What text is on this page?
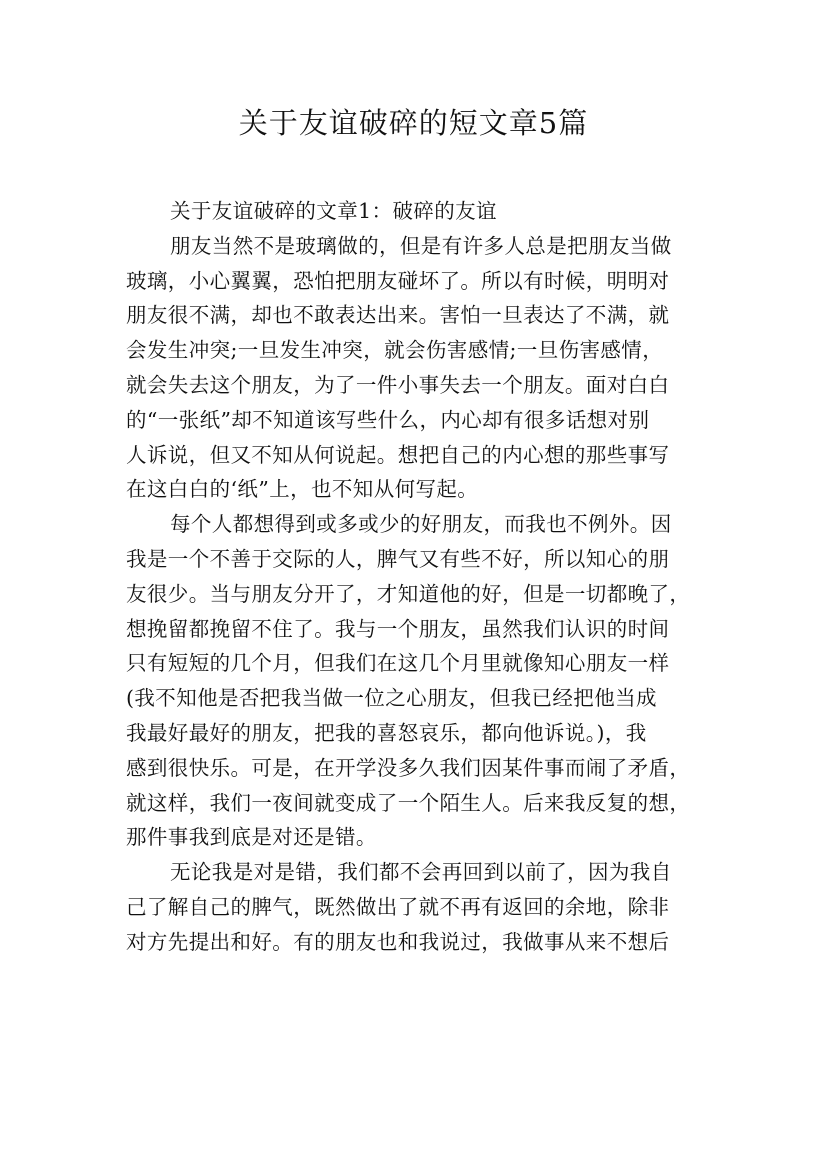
关于友谊破碎的短文章5篇
关于友谊破碎的文章1：破碎的友谊
朋友当然不是玻璃做的，但是有许多人总是把朋友当做
玻璃，小心翼翼，恐怕把朋友碰坏了。所以有时候，明明对
朋友很不满，却也不敢表达出来。害怕一旦表达了不满，就
会发生冲突;一旦发生冲突，就会伤害感情;一旦伤害感情，
就会失去这个朋友，为了一件小事失去一个朋友。面对白白
的“一张纸”却不知道该写些什么，内心却有很多话想对别
人诉说，但又不知从何说起。想把自己的内心想的那些事写
在这白白的‘纸”上，也不知从何写起。
每个人都想得到或多或少的好朋友，而我也不例外。因
我是一个不善于交际的人，脾气又有些不好，所以知心的朋
友很少。当与朋友分开了，才知道他的好，但是一切都晚了，
想挽留都挽留不住了。我与一个朋友，虽然我们认识的时间
只有短短的几个月，但我们在这几个月里就像知心朋友一样
(我不知他是否把我当做一位之心朋友，但我已经把他当成
我最好最好的朋友，把我的喜怒哀乐，都向他诉说。)，我
感到很快乐。可是，在开学没多久我们因某件事而闹了矛盾，
就这样，我们一夜间就变成了一个陌生人。后来我反复的想，
那件事我到底是对还是错。
无论我是对是错，我们都不会再回到以前了，因为我自
己了解自己的脾气，既然做出了就不再有返回的余地，除非
对方先提出和好。有的朋友也和我说过，我做事从来不想后
